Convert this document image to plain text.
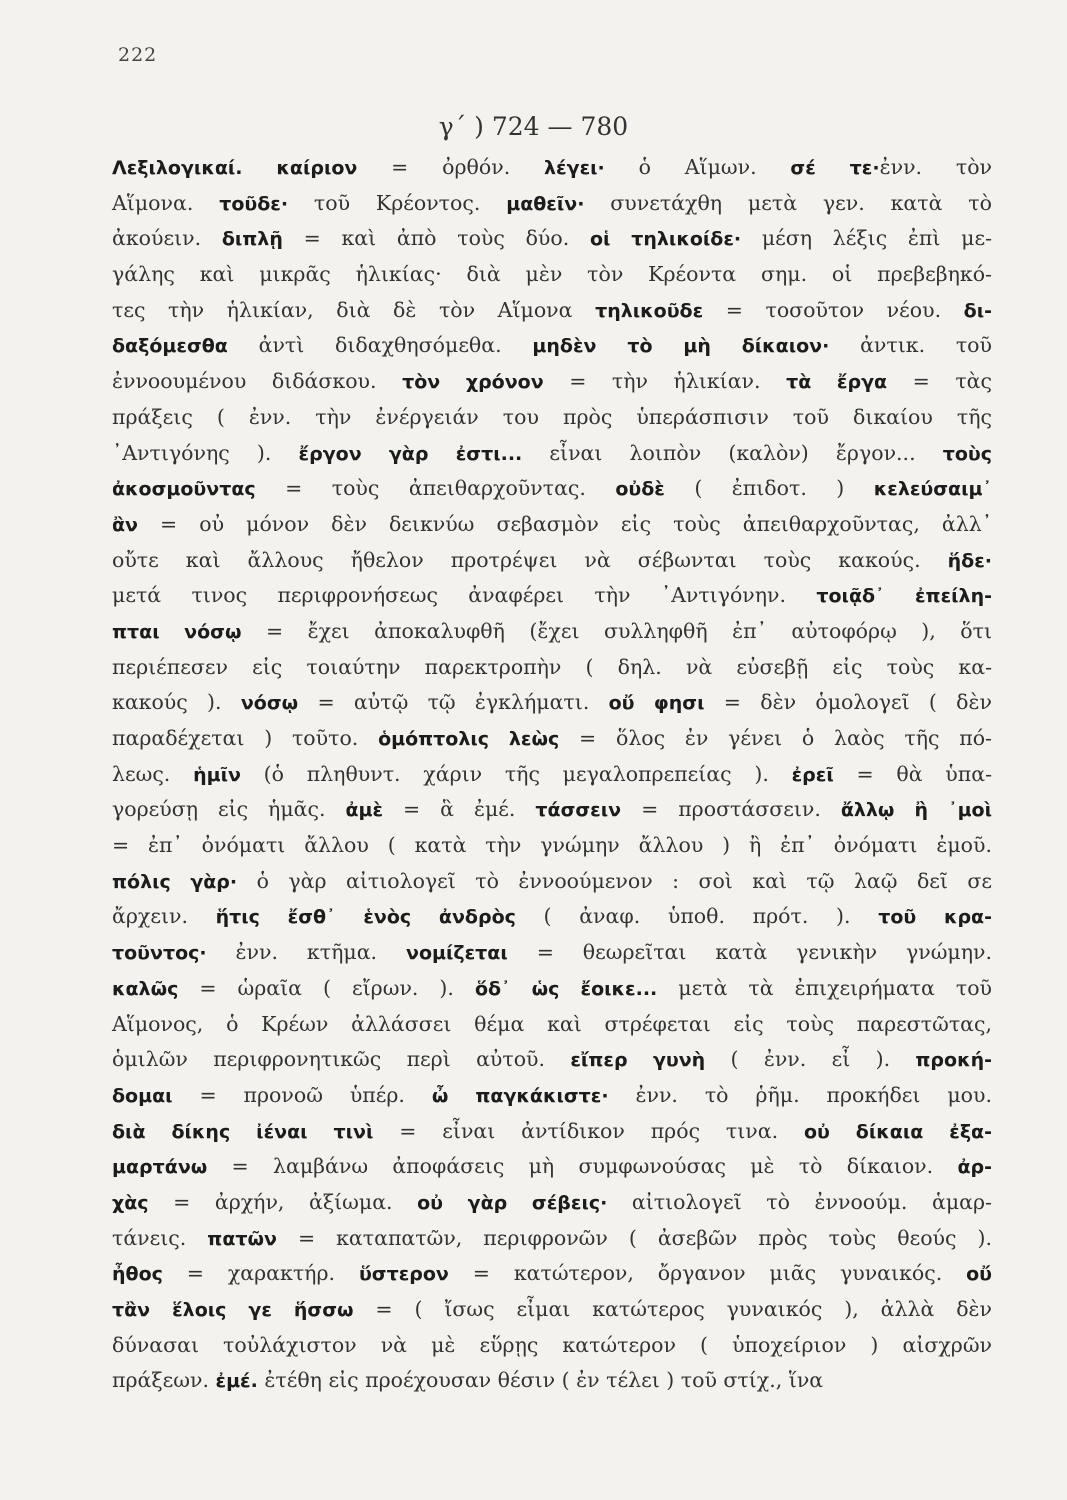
222
γ΄ ) 724 — 780
Λεξιλογικαί. καίριον = ὀρθόν. λέγει· ὁ Αἵμων. σέ τε·ἐνν. τὸν
Αἵμονα. τοῦδε· τοῦ Κρέοντος. μαθεῖν· συνετάχθη μετὰ γεν. κατὰ τὸ
ἀκούειν. διπλῇ = καὶ ἀπὸ τοὺς δύο. οἱ τηλικοίδε· μέση λέξις ἐπὶ με-
γάλης καὶ μικρᾶς ἡλικίας· διὰ μὲν τὸν Κρέοντα σημ. οἱ πρεβεβηκό-
τες τὴν ἡλικίαν, διὰ δὲ τὸν Αἵμονα τηλικοῦδε = τοσοῦτον νέου. δι-
δαξόμεσθα ἀντὶ διδαχθησόμεθα. μηδὲν τὸ μὴ δίκαιον· ἀντικ. τοῦ
ἐννοουμένου διδάσκου. τὸν χρόνον = τὴν ἡλικίαν. τὰ ἔργα = τὰς
πράξεις ( ἐνν. τὴν ἐνέργειάν του πρὸς ὑπεράσπισιν τοῦ δικαίου τῆς
᾿Αντιγόνης ). ἔργον γὰρ ἐστι... εἶναι λοιπὸν (καλὸν) ἔργον... τοὺς
ἀκοσμοῦντας = τοὺς ἀπειθαρχοῦντας. οὐδὲ ( ἐπιδοτ. ) κελεύσαιμ᾿
ἂν = οὐ μόνον δὲν δεικνύω σεβασμὸν εἰς τοὺς ἀπειθαρχοῦντας, ἀλλ᾿
οὔτε καὶ ἄλλους ἤθελον προτρέψει νὰ σέβωνται τοὺς κακούς. ἥδε·
μετά τινος περιφρονήσεως ἀναφέρει τὴν ᾿Αντιγόνην. τοιᾷδ᾿ ἐπείλη-
πται νόσῳ = ἔχει ἀποκαλυφθῆ (ἔχει συλληφθῆ ἐπ᾿ αὐτοφόρῳ ), ὅτι
περιέπεσεν εἰς τοιαύτην παρεκτροπὴν ( δηλ. νὰ εὐσεβῇ εἰς τοὺς κα-
κακούς ). νόσῳ = αὐτῷ τῷ ἐγκλήματι. οὔ φησι = δὲν ὁμολογεῖ ( δὲν
παραδέχεται ) τοῦτο. ὁμόπτολις λεὼς = ὅλος ἐν γένει ὁ λαὸς τῆς πό-
λεως. ἡμῖν (ὁ πληθυντ. χάριν τῆς μεγαλοπρεπείας ). ἐρεῖ = θὰ ὑπα-
γορεύσῃ εἰς ἡμᾶς. ἀμὲ = ἃ ἐμέ. τάσσειν = προστάσσειν. ἄλλῳ ἢ ᾿μοὶ
= ἐπ᾿ ὀνόματι ἄλλου ( κατὰ τὴν γνώμην ἄλλου ) ἢ ἐπ᾿ ὀνόματι ἐμοῦ.
πόλις γὰρ· ὁ γὰρ αἰτιολογεῖ τὸ ἐννοούμενον : σοὶ καὶ τῷ λαῷ δεῖ σε
ἄρχειν. ἥτις ἔσθ᾿ ἑνὸς ἀνδρὸς ( ἀναφ. ὑποθ. πρότ. ). τοῦ κρα-
τοῦντος· ἐνν. κτῆμα. νομίζεται = θεωρεῖται κατὰ γενικὴν γνώμην.
καλῶς = ὡραῖα ( εἴρων. ). ὅδ᾿ ὡς ἔοικε... μετὰ τὰ ἐπιχειρήματα τοῦ
Αἵμονος, ὁ Κρέων ἀλλάσσει θέμα καὶ στρέφεται εἰς τοὺς παρεστῶτας,
ὁμιλῶν περιφρονητικῶς περὶ αὐτοῦ. εἴπερ γυνὴ ( ἐνν. εἶ ). προκή-
δομαι = προνοῶ ὑπέρ. ὦ παγκάκιστε· ἐνν. τὸ ῥῆμ. προκήδει μου.
διὰ δίκης ἰέναι τινὶ = εἶναι ἀντίδικον πρός τινα. οὐ δίκαια ἐξα-
μαρτάνω = λαμβάνω ἀποφάσεις μὴ συμφωνούσας μὲ τὸ δίκαιον. ἀρ-
χὰς = ἀρχήν, ἀξίωμα. οὐ γὰρ σέβεις· αἰτιολογεῖ τὸ ἐννοούμ. ἁμαρ-
τάνεις. πατῶν = καταπατῶν, περιφρονῶν ( ἀσεβῶν πρὸς τοὺς θεούς ).
ἦθος = χαρακτήρ. ὕστερον = κατώτερον, ὄργανον μιᾶς γυναικός. οὔ
τἂν ἕλοις γε ἥσσω = ( ἴσως εἶμαι κατώτερος γυναικός ), ἀλλὰ δὲν
δύνασαι τοὐλάχιστον νὰ μὲ εὕρῃς κατώτερον ( ὑποχείριον ) αἰσχρῶν
πράξεων. ἐμέ. ἐτέθη εἰς προέχουσαν θέσιν ( ἐν τέλει ) τοῦ στίχ., ἵνα
